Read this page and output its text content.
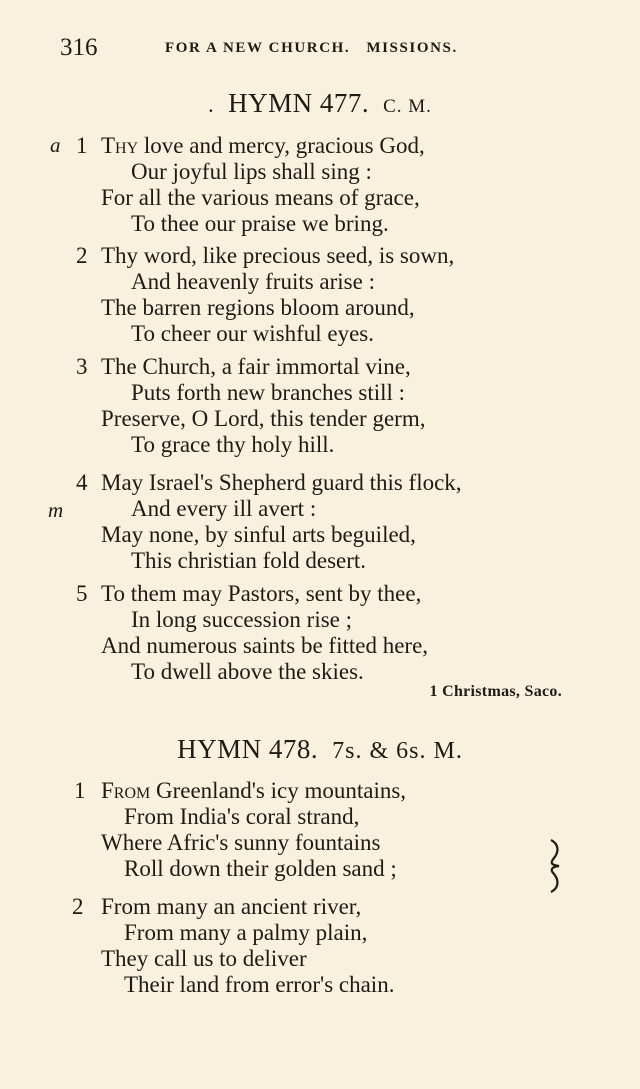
316	FOR A NEW CHURCH.   MISSIONS.
. HYMN 477. C. M.
a
m
1 Thy love and mercy, gracious God,
Our joyful lips shall sing :
For all the various means of grace,
To thee our praise we bring.
2 Thy word, like precious seed, is sown,
And heavenly fruits arise :
The barren regions bloom around,
To cheer our wishful eyes.
3 The Church, a fair immortal vine,
Puts forth new branches still :
Preserve, O Lord, this tender germ,
To grace thy holy hill.
4 May Israel's Shepherd guard this flock,
And every ill avert :
May none, by sinful arts beguiled,
This christian fold desert.
5 To them may Pastors, sent by thee,
In long succession rise ;
And numerous saints be fitted here,
To dwell above the skies.
1 Christmas, Saco.
HYMN 478. 7s. & 6s. M.
1 From Greenland's icy mountains,
From India's coral strand,
Where Afric's sunny fountains
Roll down their golden sand ;
2 From many an ancient river,
From many a palmy plain,
They call us to deliver
Their land from error's chain.
